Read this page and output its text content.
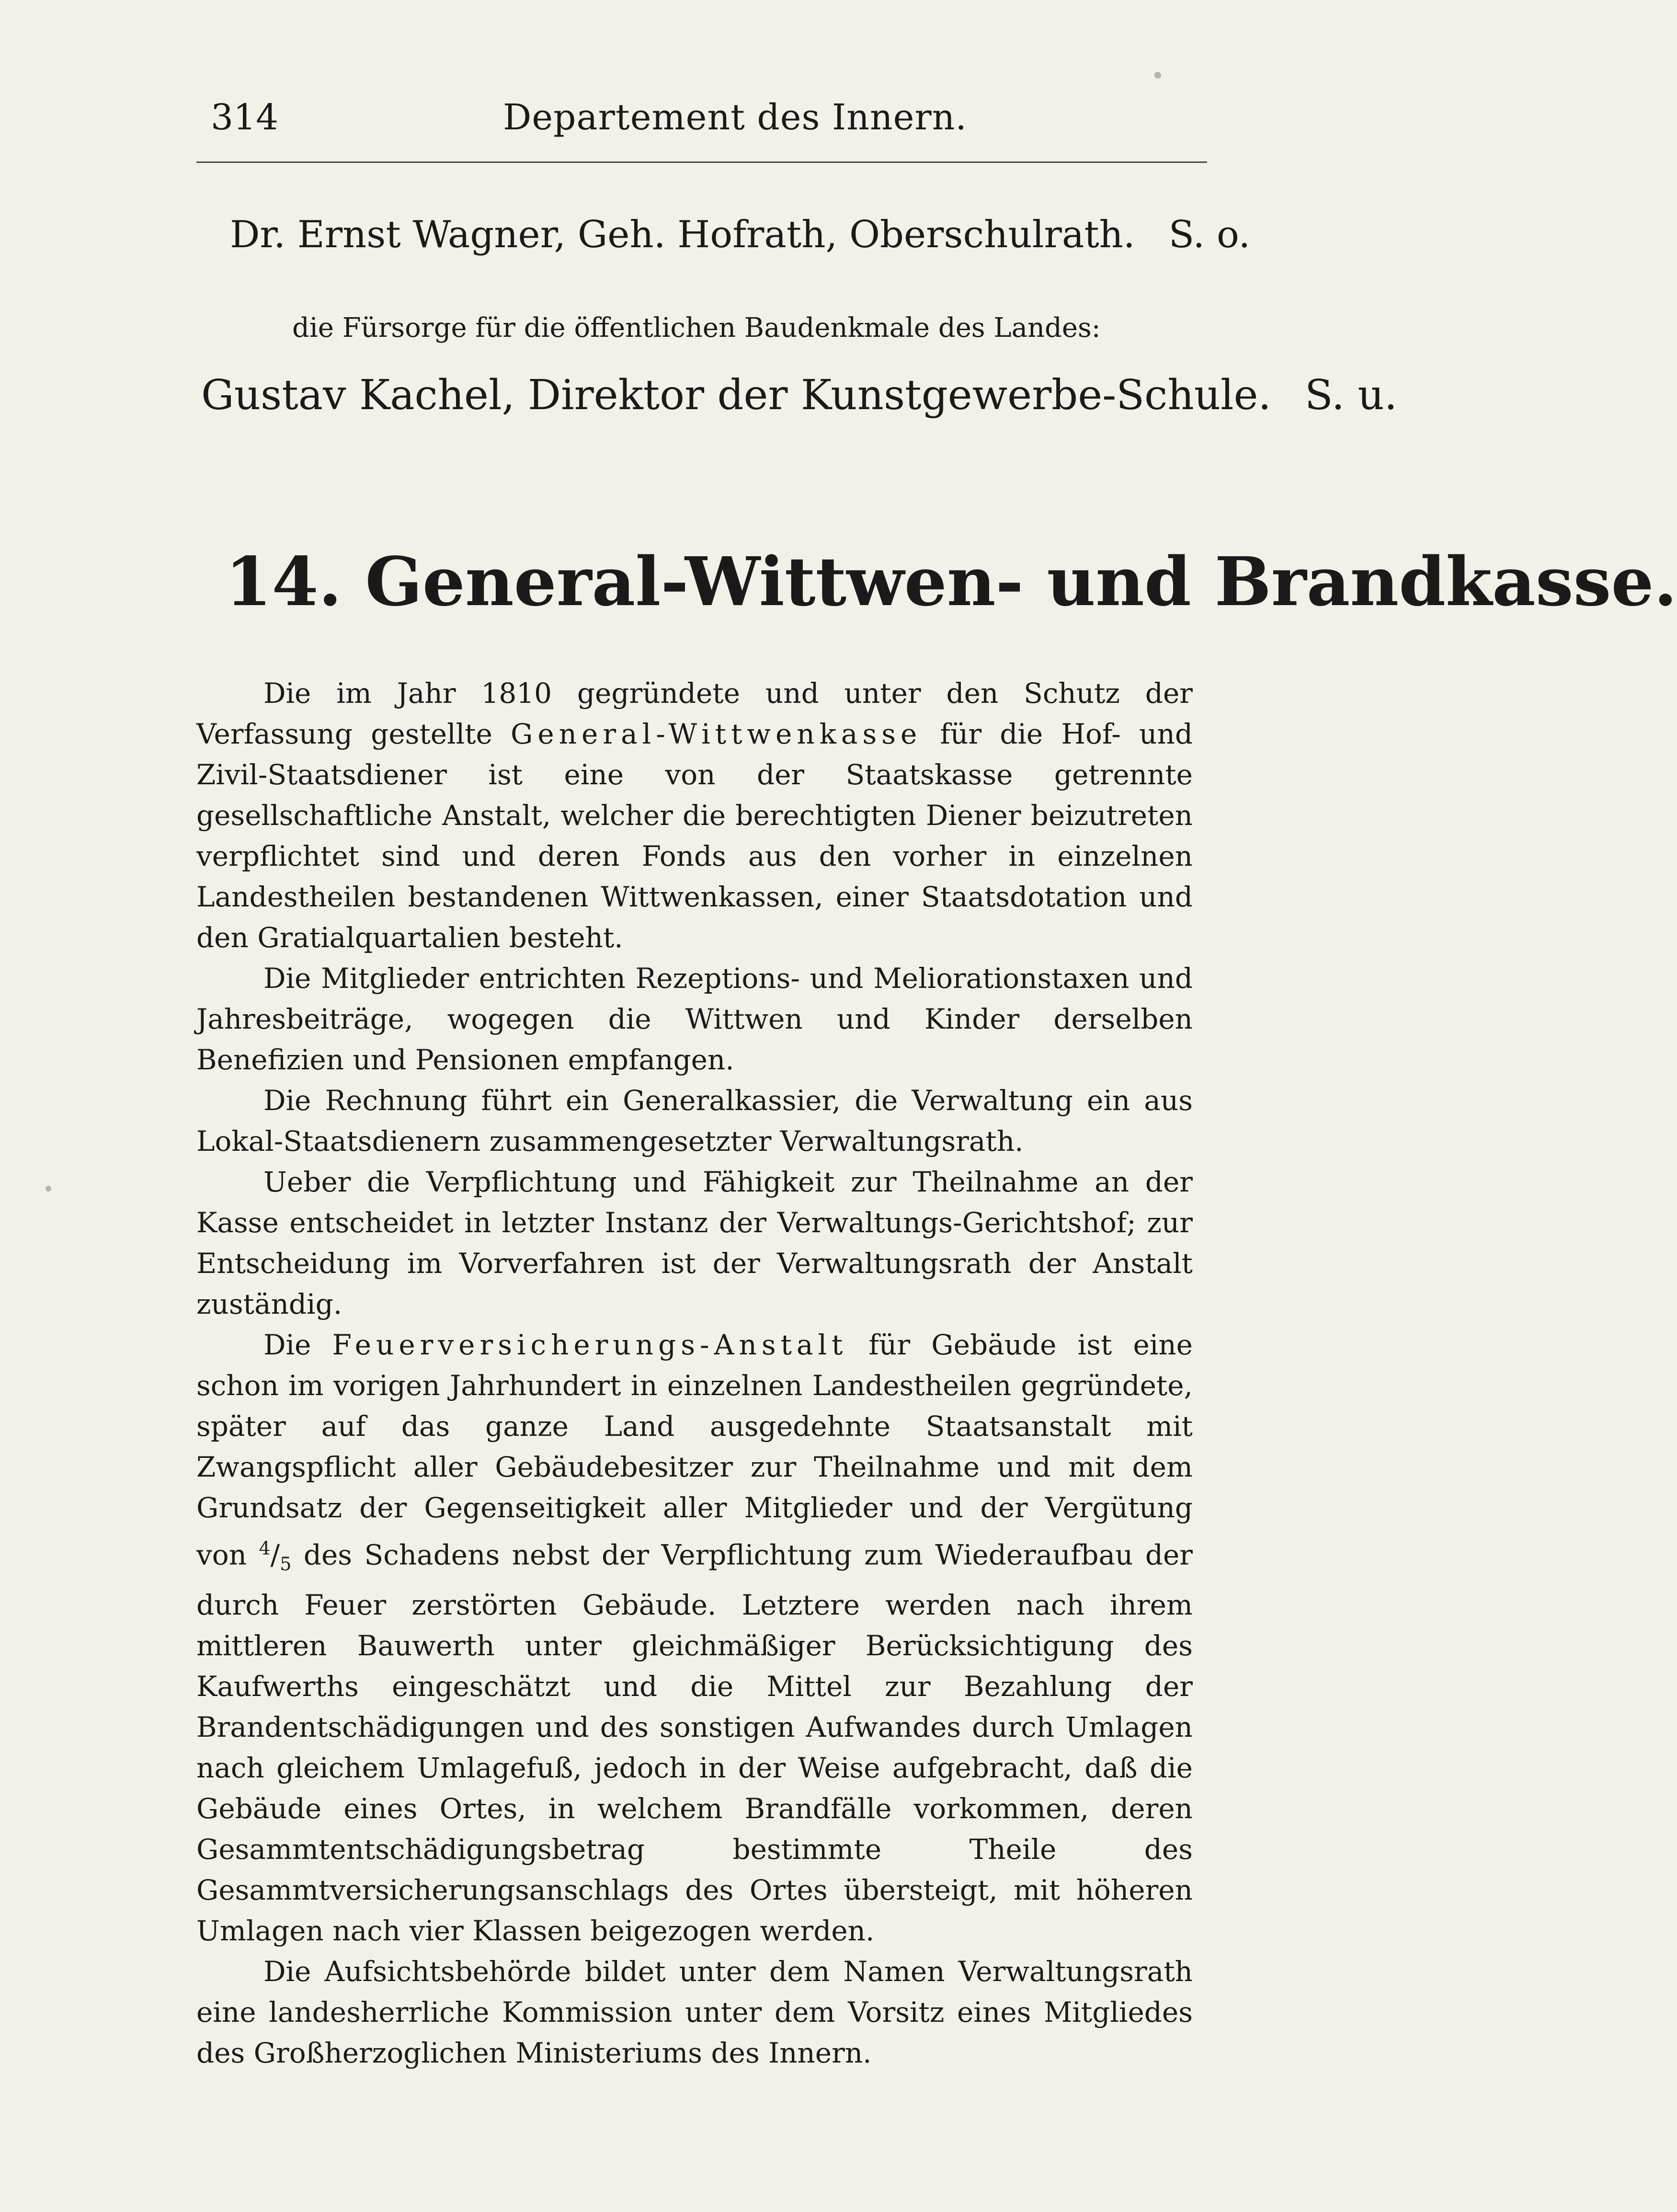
314	Departement des Innern.
Dr. Ernst Wagner, Geh. Hofrath, Oberschulrath. S. o.
die Fürsorge für die öffentlichen Baudenkmale des Landes:
Gustav Kachel, Direktor der Kunstgewerbe-Schule. S. u.
14. General-Wittwen- und Brandkasse.

Die im Jahr 1810 gegründete und unter den Schutz der Verfassung gestellte General-Wittwenkasse für die Hof- und Zivil-Staatsdiener ist eine von der Staatskasse getrennte gesellschaftliche Anstalt, welcher die berechtigten Diener beizutreten verpflichtet sind und deren Fonds aus den vorher in einzelnen Landestheilen bestandenen Wittwenkassen, einer Staatsdotation und den Gratialquartalien besteht.

Die Mitglieder entrichten Rezeptions- und Meliorationstaxen und Jahresbeiträge, wogegen die Wittwen und Kinder derselben Benefizien und Pensionen empfangen.

Die Rechnung führt ein Generalkassier, die Verwaltung ein aus Lokal-Staatsdienern zusammengesetzter Verwaltungsrath.

Ueber die Verpflichtung und Fähigkeit zur Theilnahme an der Kasse entscheidet in letzter Instanz der Verwaltungs-Gerichtshof; zur Entscheidung im Vorverfahren ist der Verwaltungsrath der Anstalt zuständig.

Die Feuerversicherungs-Anstalt für Gebäude ist eine schon im vorigen Jahrhundert in einzelnen Landestheilen gegründete, später auf das ganze Land ausgedehnte Staatsanstalt mit Zwangspflicht aller Gebäudebesitzer zur Theilnahme und mit dem Grundsatz der Gegenseitigkeit aller Mitglieder und der Vergütung von $^4/_5$ des Schadens nebst der Verpflichtung zum Wiederaufbau der durch Feuer zerstörten Gebäude. Letztere werden nach ihrem mittleren Bauwerth unter gleichmäßiger Berücksichtigung des Kaufwerths eingeschätzt und die Mittel zur Bezahlung der Brandentschädigungen und des sonstigen Aufwandes durch Umlagen nach gleichem Umlagefuß, jedoch in der Weise aufgebracht, daß die Gebäude eines Ortes, in welchem Brandfälle vorkommen, deren Gesammtentschädigungsbetrag bestimmte Theile des Gesammtversicherungsanschlags des Ortes übersteigt, mit höheren Umlagen nach vier Klassen beigezogen werden.

Die Aufsichtsbehörde bildet unter dem Namen Verwaltungsrath eine landesherrliche Kommission unter dem Vorsitz eines Mitgliedes des Großherzoglichen Ministeriums des Innern.
